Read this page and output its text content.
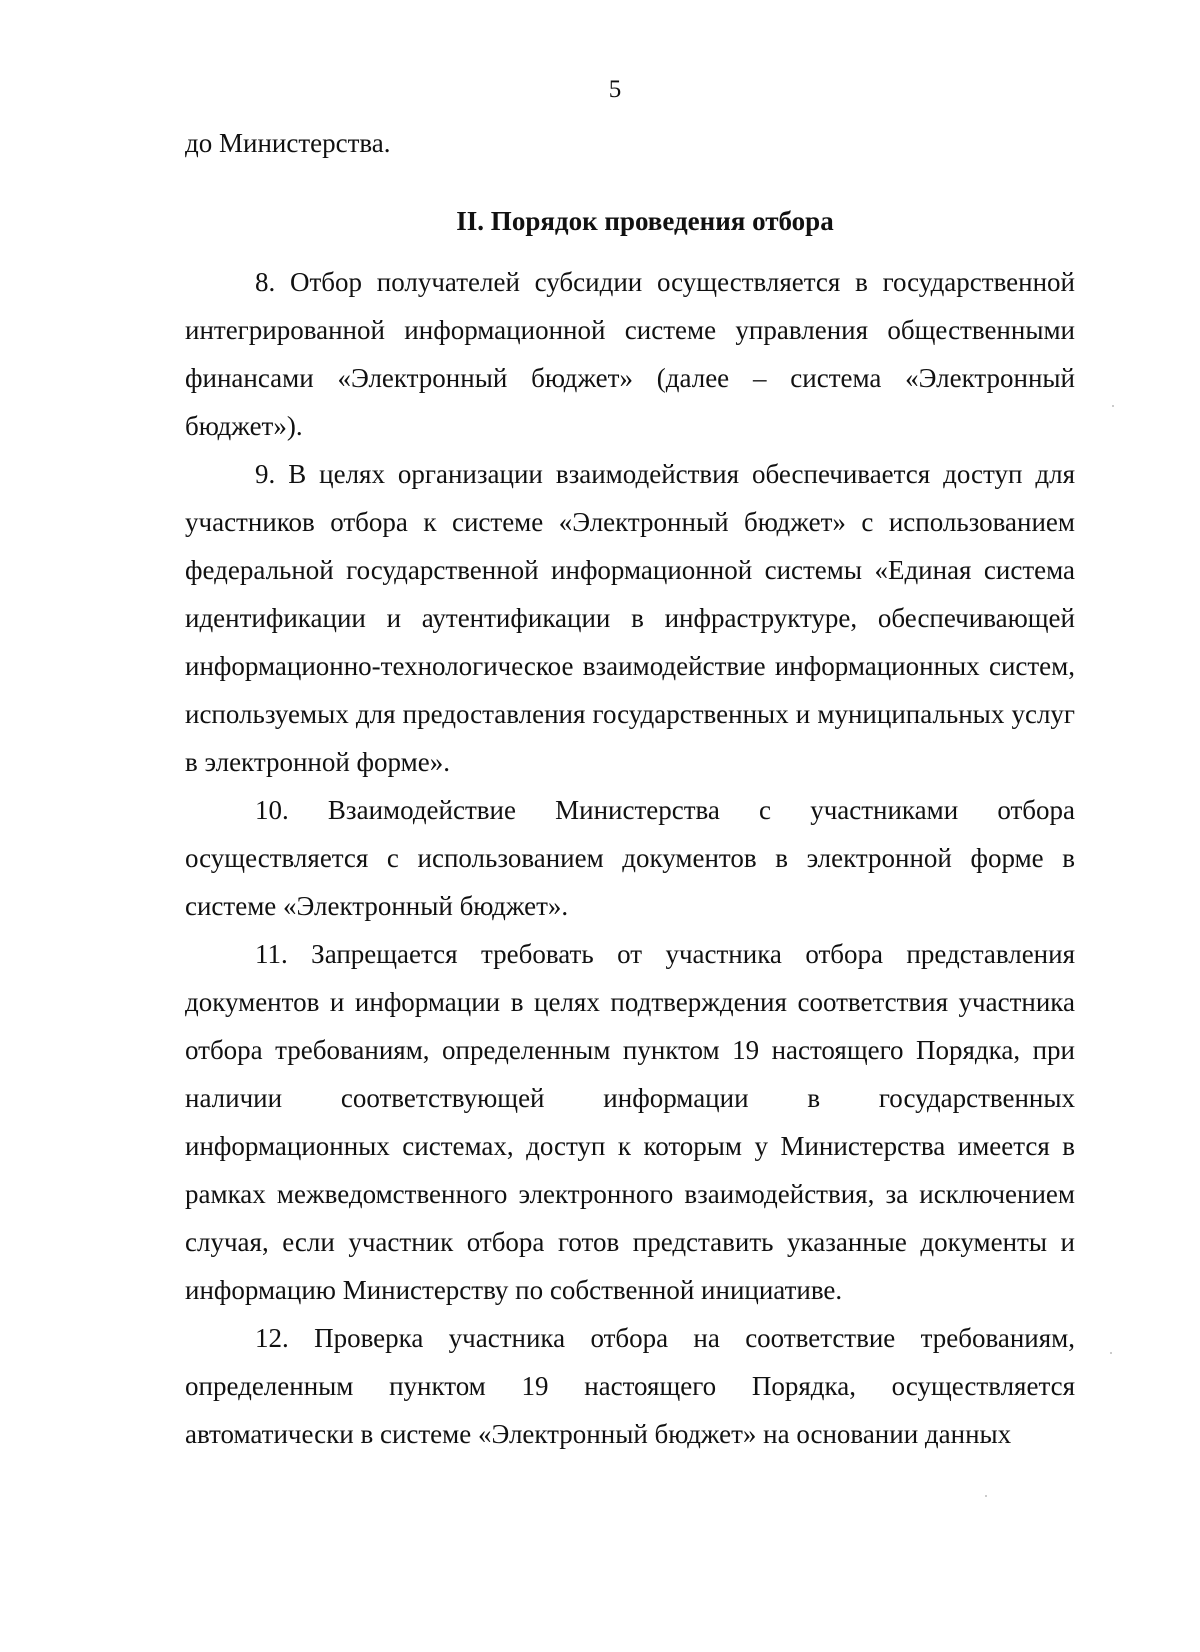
5

до Министерства.

II. Порядок проведения отбора

8. Отбор получателей субсидии осуществляется в государственной интегрированной информационной системе управления общественными финансами «Электронный бюджет» (далее – система «Электронный бюджет»).

9. В целях организации взаимодействия обеспечивается доступ для участников отбора к системе «Электронный бюджет» с использованием федеральной государственной информационной системы «Единая система идентификации и аутентификации в инфраструктуре, обеспечивающей информационно-технологическое взаимодействие информационных систем, используемых для предоставления государственных и муниципальных услуг в электронной форме».

10. Взаимодействие Министерства с участниками отбора осуществляется с использованием документов в электронной форме в системе «Электронный бюджет».

11. Запрещается требовать от участника отбора представления документов и информации в целях подтверждения соответствия участника отбора требованиям, определенным пунктом 19 настоящего Порядка, при наличии соответствующей информации в государственных информационных системах, доступ к которым у Министерства имеется в рамках межведомственного электронного взаимодействия, за исключением случая, если участник отбора готов представить указанные документы и информацию Министерству по собственной инициативе.

12. Проверка участника отбора на соответствие требованиям, определенным пунктом 19 настоящего Порядка, осуществляется автоматически в системе «Электронный бюджет» на основании данных
